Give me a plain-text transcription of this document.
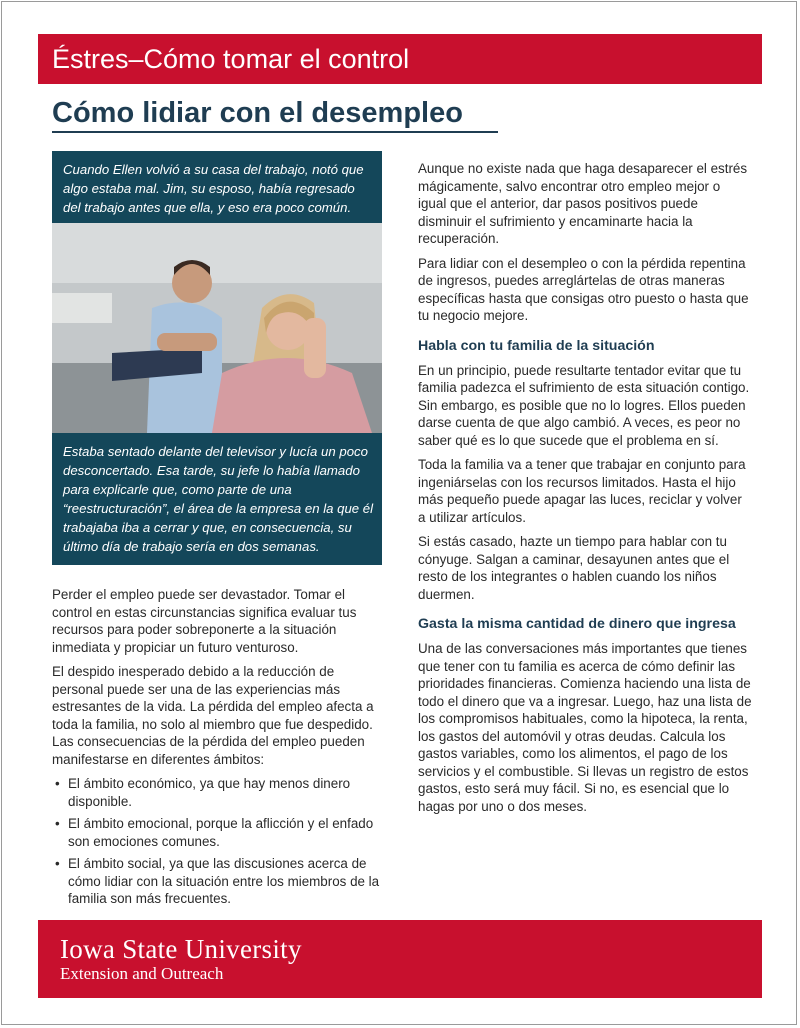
Éstres–Cómo tomar el control
Cómo lidiar con el desempleo

Cuando Ellen volvió a su casa del trabajo, notó que algo estaba mal. Jim, su esposo, había regresado del trabajo antes que ella, y eso era poco común.

Estaba sentado delante del televisor y lucía un poco desconcertado. Esa tarde, su jefe lo había llamado para explicarle que, como parte de una “reestructuración”, el área de la empresa en la que él trabajaba iba a cerrar y que, en consecuencia, su último día de trabajo sería en dos semanas.

Perder el empleo puede ser devastador. Tomar el control en estas circunstancias significa evaluar tus recursos para poder sobreponerte a la situación inmediata y propiciar un futuro venturoso.

El despido inesperado debido a la reducción de personal puede ser una de las experiencias más estresantes de la vida. La pérdida del empleo afecta a toda la familia, no solo al miembro que fue despedido. Las consecuencias de la pérdida del empleo pueden manifestarse en diferentes ámbitos:

• El ámbito económico, ya que hay menos dinero disponible.
• El ámbito emocional, porque la aflicción y el enfado son emociones comunes.
• El ámbito social, ya que las discusiones acerca de cómo lidiar con la situación entre los miembros de la familia son más frecuentes.

Aunque no existe nada que haga desaparecer el estrés mágicamente, salvo encontrar otro empleo mejor o igual que el anterior, dar pasos positivos puede disminuir el sufrimiento y encaminarte hacia la recuperación.

Para lidiar con el desempleo o con la pérdida repentina de ingresos, puedes arreglártelas de otras maneras específicas hasta que consigas otro puesto o hasta que tu negocio mejore.

Habla con tu familia de la situación

En un principio, puede resultarte tentador evitar que tu familia padezca el sufrimiento de esta situación contigo. Sin embargo, es posible que no lo logres. Ellos pueden darse cuenta de que algo cambió. A veces, es peor no saber qué es lo que sucede que el problema en sí.

Toda la familia va a tener que trabajar en conjunto para ingeniárselas con los recursos limitados. Hasta el hijo más pequeño puede apagar las luces, reciclar y volver a utilizar artículos.

Si estás casado, hazte un tiempo para hablar con tu cónyuge. Salgan a caminar, desayunen antes que el resto de los integrantes o hablen cuando los niños duermen.

Gasta la misma cantidad de dinero que ingresa

Una de las conversaciones más importantes que tienes que tener con tu familia es acerca de cómo definir las prioridades financieras. Comienza haciendo una lista de todo el dinero que va a ingresar. Luego, haz una lista de los compromisos habituales, como la hipoteca, la renta, los gastos del automóvil y otras deudas. Calcula los gastos variables, como los alimentos, el pago de los servicios y el combustible. Si llevas un registro de estos gastos, esto será muy fácil. Si no, es esencial que lo hagas por uno o dos meses.

Iowa State University
Extension and Outreach
